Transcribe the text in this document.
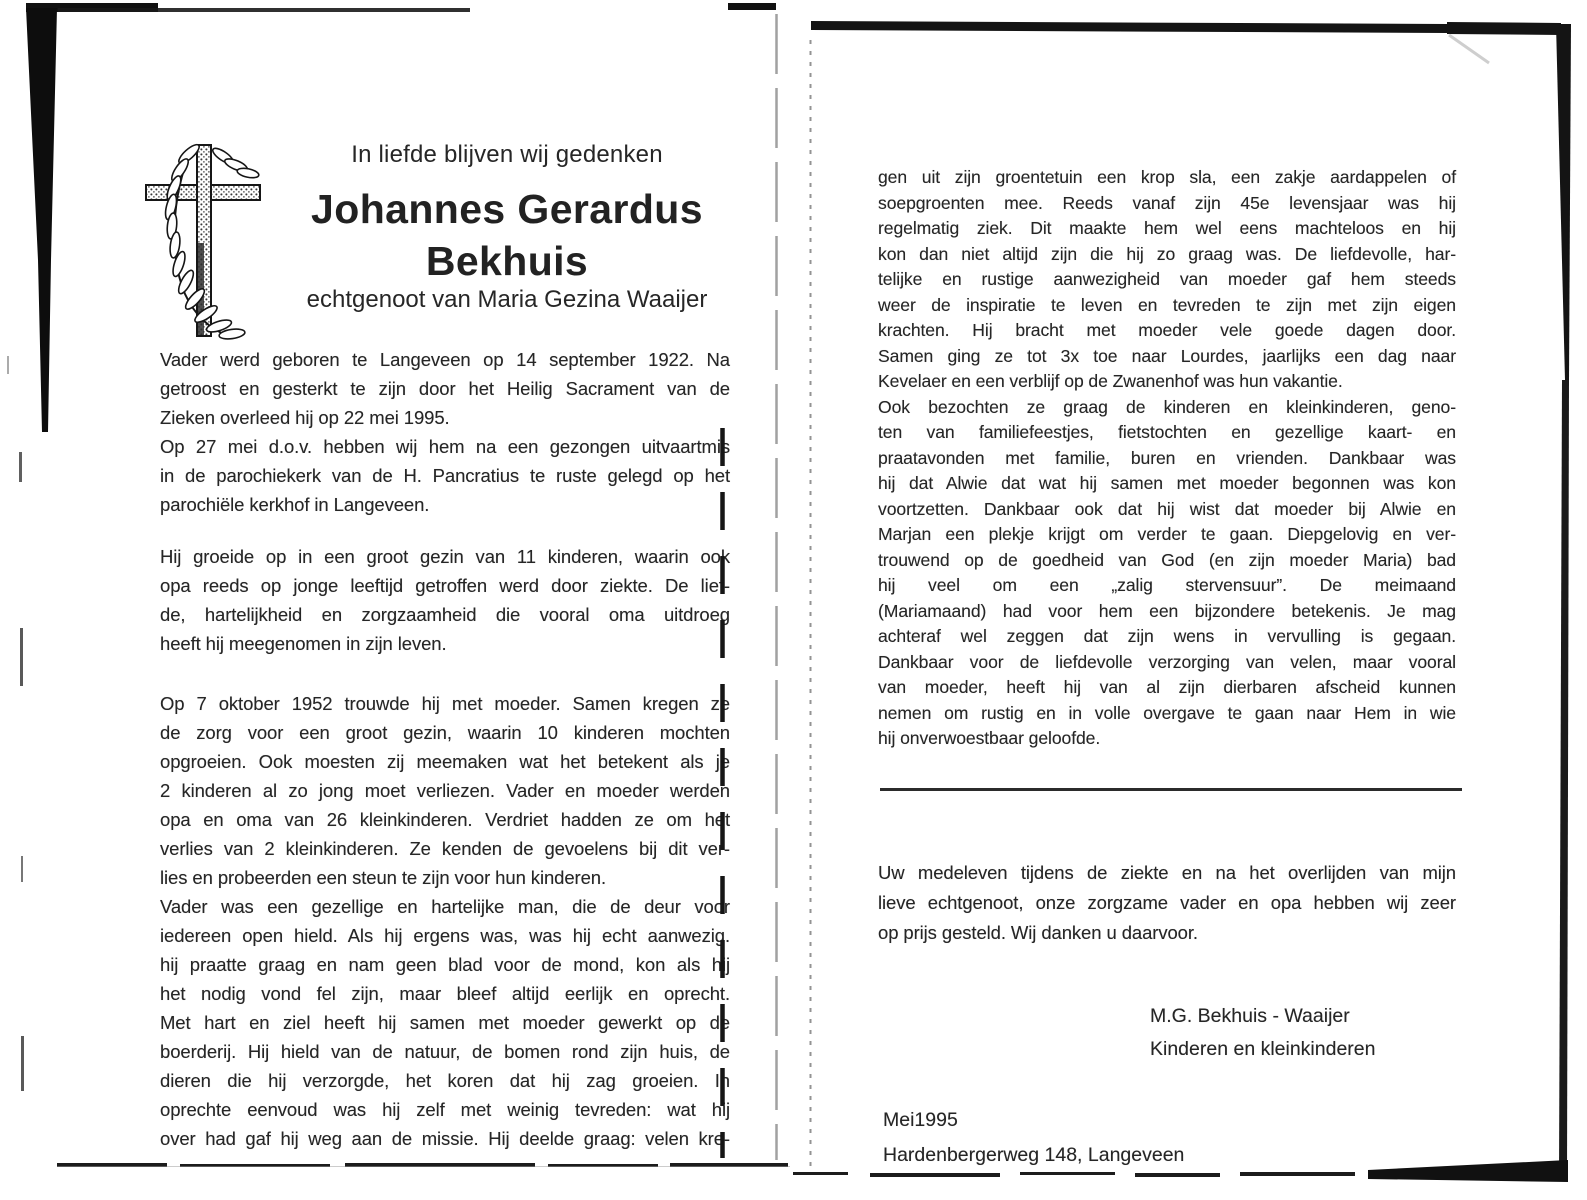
In liefde blijven wij gedenken
Johannes Gerardus
Bekhuis
echtgenoot van Maria Gezina Waaijer
Vader werd geboren te Langeveen op 14 september 1922. Na
getroost en gesterkt te zijn door het Heilig Sacrament van de
Zieken overleed hij op 22 mei 1995.
Op 27 mei d.o.v. hebben wij hem na een gezongen uitvaartmis
in de parochiekerk van de H. Pancratius te ruste gelegd op het
parochiële kerkhof in Langeveen.
Hij groeide op in een groot gezin van 11 kinderen, waarin ook
opa reeds op jonge leeftijd getroffen werd door ziekte. De lief-
de, hartelijkheid en zorgzaamheid die vooral oma uitdroeg
heeft hij meegenomen in zijn leven.
Op 7 oktober 1952 trouwde hij met moeder. Samen kregen ze
de zorg voor een groot gezin, waarin 10 kinderen mochten
opgroeien. Ook moesten zij meemaken wat het betekent als je
2 kinderen al zo jong moet verliezen. Vader en moeder werden
opa en oma van 26 kleinkinderen. Verdriet hadden ze om het
verlies van 2 kleinkinderen. Ze kenden de gevoelens bij dit ver-
lies en probeerden een steun te zijn voor hun kinderen.
Vader was een gezellige en hartelijke man, die de deur voor
iedereen open hield. Als hij ergens was, was hij echt aanwezig.
hij praatte graag en nam geen blad voor de mond, kon als hij
het nodig vond fel zijn, maar bleef altijd eerlijk en oprecht.
Met hart en ziel heeft hij samen met moeder gewerkt op de
boerderij. Hij hield van de natuur, de bomen rond zijn huis, de
dieren die hij verzorgde, het koren dat hij zag groeien. In
oprechte eenvoud was hij zelf met weinig tevreden: wat hij
over had gaf hij weg aan de missie. Hij deelde graag: velen kre-
gen uit zijn groentetuin een krop sla, een zakje aardappelen of
soepgroenten mee. Reeds vanaf zijn 45e levensjaar was hij
regelmatig ziek. Dit maakte hem wel eens machteloos en hij
kon dan niet altijd zijn die hij zo graag was. De liefdevolle, har-
telijke en rustige aanwezigheid van moeder gaf hem steeds
weer de inspiratie te leven en tevreden te zijn met zijn eigen
krachten. Hij bracht met moeder vele goede dagen door.
Samen ging ze tot 3x toe naar Lourdes, jaarlijks een dag naar
Kevelaer en een verblijf op de Zwanenhof was hun vakantie.
Ook bezochten ze graag de kinderen en kleinkinderen, geno-
ten van familiefeestjes, fietstochten en gezellige kaart- en
praatavonden met familie, buren en vrienden. Dankbaar was
hij dat Alwie dat wat hij samen met moeder begonnen was kon
voortzetten. Dankbaar ook dat hij wist dat moeder bij Alwie en
Marjan een plekje krijgt om verder te gaan. Diepgelovig en ver-
trouwend op de goedheid van God (en zijn moeder Maria) bad
hij veel om een „zalig stervensuur”. De meimaand
(Mariamaand) had voor hem een bijzondere betekenis. Je mag
achteraf wel zeggen dat zijn wens in vervulling is gegaan.
Dankbaar voor de liefdevolle verzorging van velen, maar vooral
van moeder, heeft hij van al zijn dierbaren afscheid kunnen
nemen om rustig en in volle overgave te gaan naar Hem in wie
hij onverwoestbaar geloofde.
Uw medeleven tijdens de ziekte en na het overlijden van mijn
lieve echtgenoot, onze zorgzame vader en opa hebben wij zeer
op prijs gesteld. Wij danken u daarvoor.
M.G. Bekhuis - Waaijer
Kinderen en kleinkinderen
Mei1995
Hardenbergerweg 148, Langeveen
